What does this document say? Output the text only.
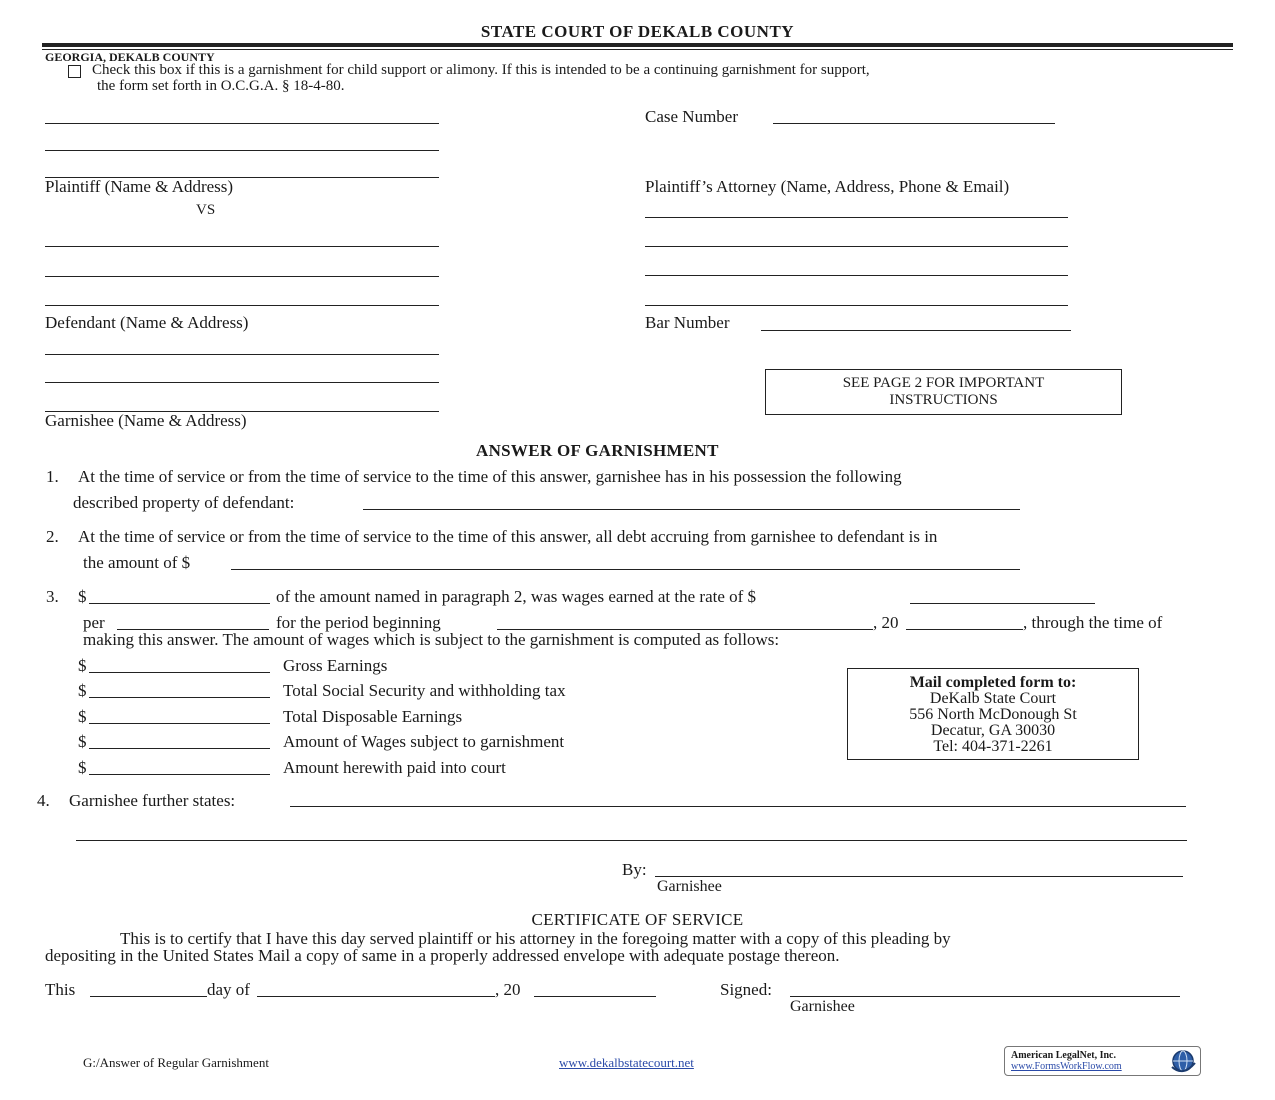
STATE COURT OF DEKALB COUNTY
GEORGIA, DEKALB COUNTY
Check this box if this is a garnishment for child support or alimony. If this is intended to be a continuing garnishment for support,
the form set forth in O.C.G.A. § 18-4-80.
Plaintiff (Name & Address)
VS
Case Number
Plaintiff’s Attorney (Name, Address, Phone & Email)
Bar Number
Defendant (Name & Address)
Garnishee (Name & Address)
SEE PAGE 2 FOR IMPORTANT
INSTRUCTIONS
ANSWER OF GARNISHMENT
1. At the time of service or from the time of service to the time of this answer, garnishee has in his possession the following
described property of defendant:
2. At the time of service or from the time of service to the time of this answer, all debt accruing from garnishee to defendant is in
the amount of $
3. $	of the amount named in paragraph 2, was wages earned at the rate of $
per	for the period beginning	, 20	, through the time of
making this answer. The amount of wages which is subject to the garnishment is computed as follows:
$	Gross Earnings
$	Total Social Security and withholding tax
$	Total Disposable Earnings
$	Amount of Wages subject to garnishment
$	Amount herewith paid into court
Mail completed form to:
DeKalb State Court
556 North McDonough St
Decatur, GA 30030
Tel: 404-371-2261
4. Garnishee further states:
By:
Garnishee
CERTIFICATE OF SERVICE
This is to certify that I have this day served plaintiff or his attorney in the foregoing matter with a copy of this pleading by
depositing in the United States Mail a copy of same in a properly addressed envelope with adequate postage thereon.
This	day of	, 20	Signed:
Garnishee
G:/Answer of Regular Garnishment	www.dekalbstatecourt.net	American LegalNet, Inc.
www.FormsWorkFlow.com
